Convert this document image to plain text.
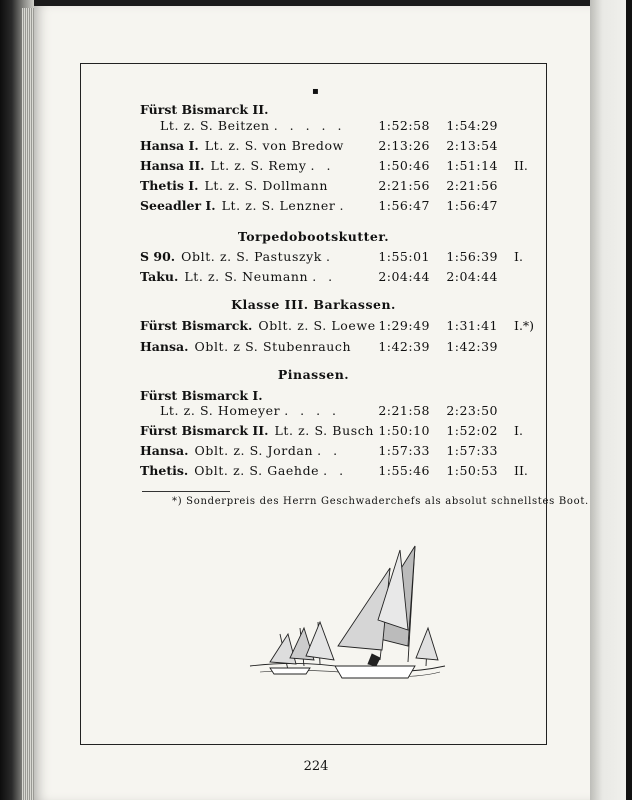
▪
Fürst Bismarck II.
Lt. z. S. Beitzen . . . . .	1:52:58	1:54:29
Hansa I. Lt. z. S. von Bredow	2:13:26	2:13:54
Hansa II. Lt. z. S. Remy . .	1:50:46	1:51:14 II.
Thetis I. Lt. z. S. Dollmann	2:21:56	2:21:56
Seeadler I. Lt. z. S. Lenzner .	1:56:47	1:56:47
Torpedobootskutter.
S 90. Oblt. z. S. Pastuszyk .	1:55:01	1:56:39 I.
Taku. Lt. z. S. Neumann . .	2:04:44	2:04:44
Klasse III. Barkassen.
Fürst Bismarck. Oblt. z. S. Loewe 1:29:49	1:31:41 I.*)
Hansa. Oblt. z S. Stubenrauch	1:42:39	1:42:39
Pinassen.
Fürst Bismarck I.
Lt. z. S. Homeyer . . . .	2:21:58	2:23:50
Fürst Bismarck II. Lt. z. S. Busch 1:50:10	1:52:02 I.
Hansa. Oblt. z. S. Jordan . .	1:57:33	1:57:33
Thetis. Oblt. z. S. Gaehde . .	1:55:46	1:50:53 II.
*) Sonderpreis des Herrn Geschwaderchefs als absolut schnellstes Boot.
224
